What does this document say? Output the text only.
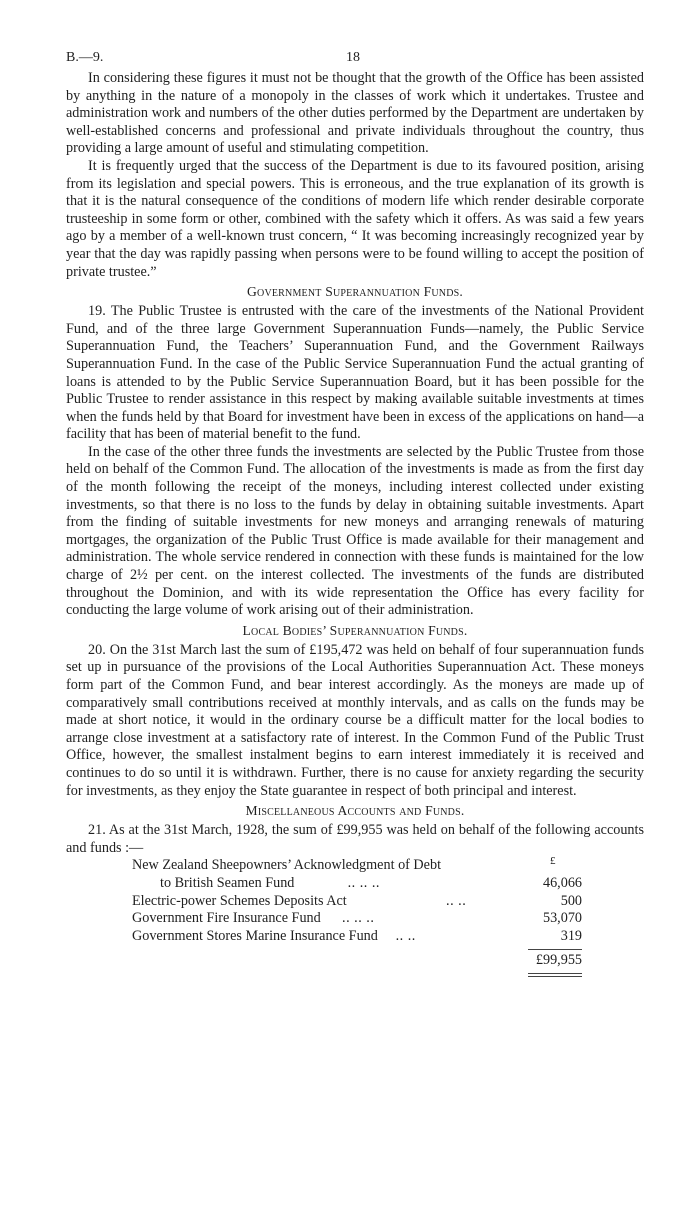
B.—9.	18

In considering these figures it must not be thought that the growth of the Office has been assisted by anything in the nature of a monopoly in the classes of work which it undertakes. Trustee and administration work and numbers of the other duties performed by the Department are undertaken by well-established concerns and professional and private individuals throughout the country, thus providing a large amount of useful and stimulating competition.

It is frequently urged that the success of the Department is due to its favoured position, arising from its legislation and special powers. This is erroneous, and the true explanation of its growth is that it is the natural consequence of the conditions of modern life which render desirable corporate trusteeship in some form or other, combined with the safety which it offers. As was said a few years ago by a member of a well-known trust concern, “ It was becoming increasingly recognized year by year that the day was rapidly passing when persons were to be found willing to accept the position of private trustee.”

Government Superannuation Funds.

19. The Public Trustee is entrusted with the care of the investments of the National Provident Fund, and of the three large Government Superannuation Funds—namely, the Public Service Superannuation Fund, the Teachers’ Superannuation Fund, and the Government Railways Superannuation Fund. In the case of the Public Service Superannuation Fund the actual granting of loans is attended to by the Public Service Superannuation Board, but it has been possible for the Public Trustee to render assistance in this respect by making available suitable investments at times when the funds held by that Board for investment have been in excess of the applications on hand—a facility that has been of material benefit to the fund.

In the case of the other three funds the investments are selected by the Public Trustee from those held on behalf of the Common Fund. The allocation of the investments is made as from the first day of the month following the receipt of the moneys, including interest collected under existing investments, so that there is no loss to the funds by delay in obtaining suitable investments. Apart from the finding of suitable investments for new moneys and arranging renewals of maturing mortgages, the organization of the Public Trust Office is made available for their management and administration. The whole service rendered in connection with these funds is maintained for the low charge of 2½ per cent. on the interest collected. The investments of the funds are distributed throughout the Dominion, and with its wide representation the Office has every facility for conducting the large volume of work arising out of their administration.

Local Bodies’ Superannuation Funds.

20. On the 31st March last the sum of £195,472 was held on behalf of four superannuation funds set up in pursuance of the provisions of the Local Authorities Superannuation Act. These moneys form part of the Common Fund, and bear interest accordingly. As the moneys are made up of comparatively small contributions received at monthly intervals, and as calls on the funds may be made at short notice, it would in the ordinary course be a difficult matter for the local bodies to arrange close investment at a satisfactory rate of interest. In the Common Fund of the Public Trust Office, however, the smallest instalment begins to earn interest immediately it is received and continues to do so until it is withdrawn. Further, there is no cause for anxiety regarding the security for investments, as they enjoy the State guarantee in respect of both principal and interest.

Miscellaneous Accounts and Funds.

21. As at the 31st March, 1928, the sum of £99,955 was held on behalf of the following accounts and funds :—

New Zealand Sheepowners’ Acknowledgment of Debt	£
to British Seamen Fund	.. .. ..	46,066
Electric-power Schemes Deposits Act	.. ..	500
Government Fire Insurance Fund .. .. ..	53,070
Government Stores Marine Insurance Fund .. ..	319
£99,955
